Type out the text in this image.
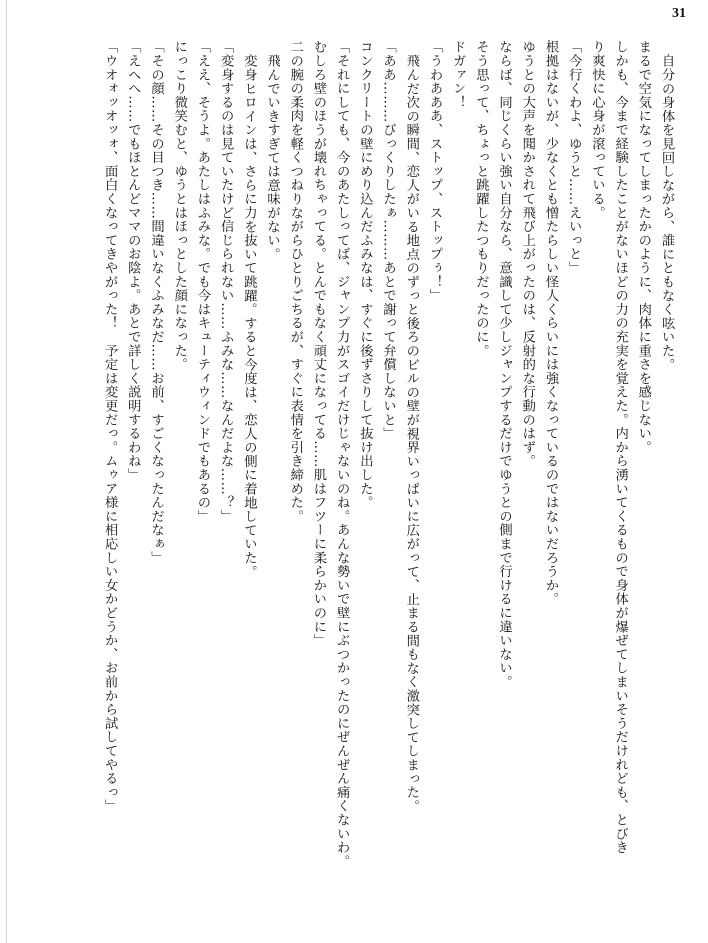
31

自分の身体を見回しながら、誰にともなく呟いた。

まるで空気になってしまったかのように、肉体に重さを感じない。

しかも、今まで経験したことがないほどの力の充実を覚えた。内から湧いてくるもので身体が爆ぜてしまいそうだけれども、とびき

り爽快に心身が滾っている。

「今行くわよ、ゆうと……えいっと」

根拠はないが、少なくとも憎たらしい怪人くらいには強くなっているのではないだろうか。

ゆうとの大声を聞かされて飛び上がったのは、反射的な行動のはず。

ならば、同じくらい強い自分なら、意識して少しジャンプするだけでゆうとの側まで行けるに違いない。

そう思って、ちょっと跳躍したつもりだったのに。

ドガァン！

「うわあああ、ストップ、ストップぅ！」

飛んだ次の瞬間、恋人がいる地点のずっと後ろのビルの壁が視界いっぱいに広がって、止まる間もなく激突してしまった。

「ああ………びっくりしたぁ………あとで謝って弁償しないと」

コンクリートの壁にめり込んだふみなは、すぐに後ずさりして抜け出した。

「それにしても、今のあたしってば、ジャンプ力がスゴイだけじゃないのね。あんな勢いで壁にぶつかったのにぜんぜん痛くないわ。

むしろ壁のほうが壊れちゃってる。とんでもなく頑丈になってる……肌はフツーに柔らかいのに」

二の腕の柔肉を軽くつねりながらひとりごちるが、すぐに表情を引き締めた。

飛んでいきすぎては意味がない。

変身ヒロインは、さらに力を抜いて跳躍。すると今度は、恋人の側に着地していた。

「変身するのは見ていたけど信じられない……ふみな……なんだよな……？」

「ええ、そうよ。あたしはふみな。でも今はキューティウィンドでもあるの」

にっこり微笑むと、ゆうとはほっとした顔になった。

「その顔……その目つき……間違いなくふみなだ……お前、すごくなったんだなぁ」

「えへへ……でもほとんどママのお陰よ。あとで詳しく説明するわね」

「ウオォッオッォ、面白くなってきやがった！　予定は変更だっ。ムゥア様に相応しい女かどうか、お前から試してやるっ」
